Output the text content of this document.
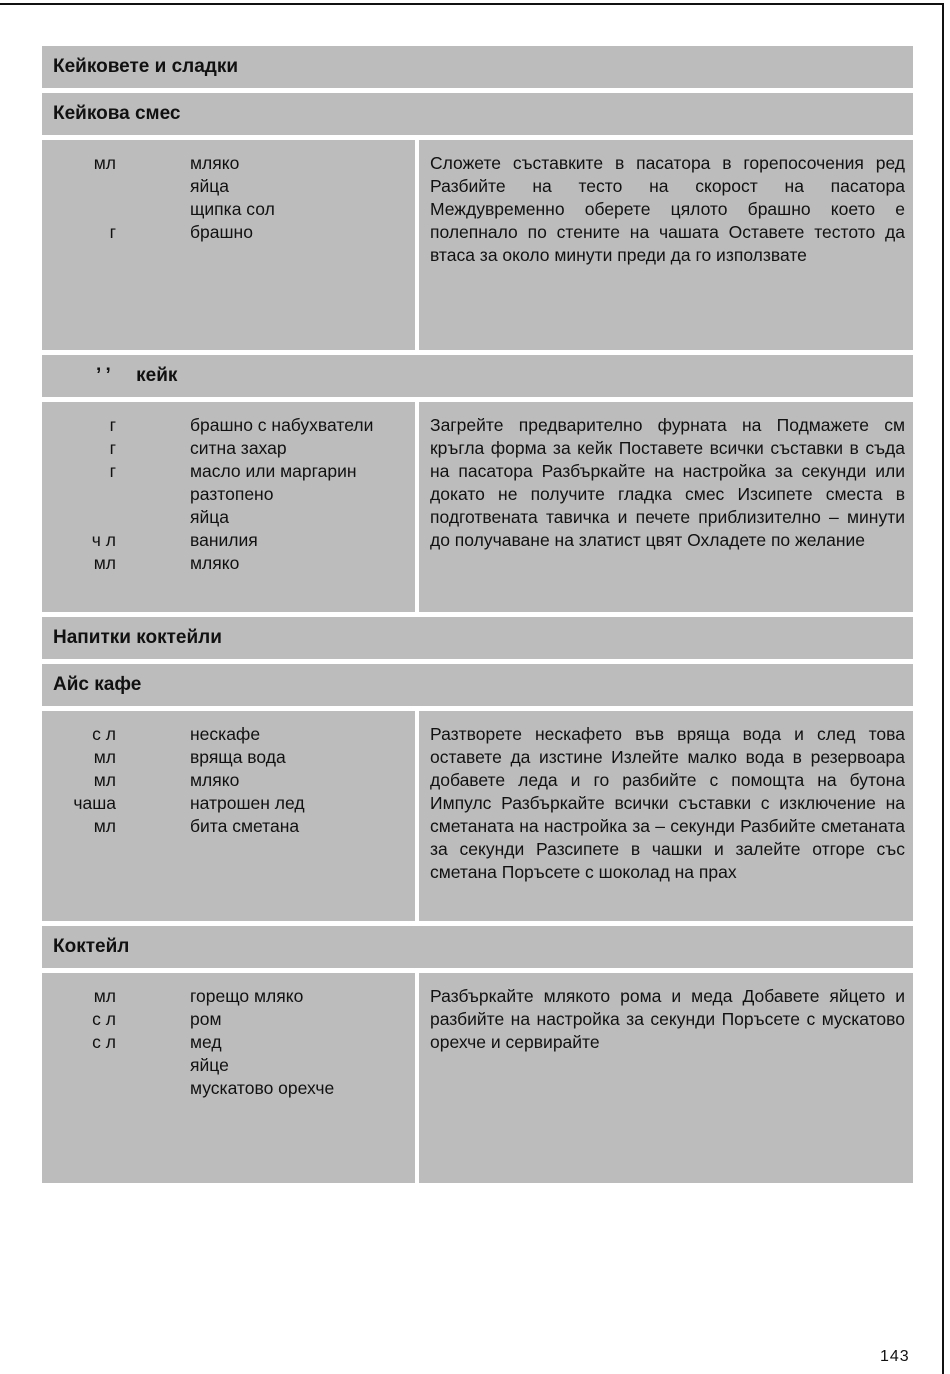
Кейковете и сладки
Кейкова смес
мл	мляко
яйца
щипка сол
г	брашно
Сложете съставките в пасатора в горепосочения ред Разбийте на тесто на скорост на пасатора Междувременно оберете цялото брашно което е полепнало по стените на чашата Оставете тестото да втаса за около минути преди да го използвате
’ ’     кейк
г	брашно с набухватели
г	ситна захар
г	масло или маргарин
разтопено
яйца
ч л	ванилия
мл	мляко
Загрейте предварително фурната на Подмажете см кръгла форма за кейк Поставете всички съставки в съда на пасатора Разбъркайте на настройка за секунди или докато не получите гладка смес Изсипете сместа в подготвената тавичка и печете приблизително – минути до получаване на златист цвят Охладете по желание
Напитки коктейли
Айс кафе
с л	нескафе
мл	вряща вода
мл	мляко
чаша	натрошен лед
мл	бита сметана
Разтворете нескафето във вряща вода и след това оставете да изстине Излейте малко вода в резервоара добавете леда и го разбийте с помощта на бутона Импулс Разбъркайте всички съставки с изключение на сметаната на настройка за – секунди Разбийте сметаната за секунди Разсипете в чашки и залейте отгоре със сметана Поръсете с шоколад на прах
Коктейл
мл	горещо мляко
с л	ром
с л	мед
яйце
мускатово орехче
Разбъркайте млякото рома и меда Добавете яйцето и разбийте на настройка за секунди Поръсете с мускатово орехче и сервирайте
143
